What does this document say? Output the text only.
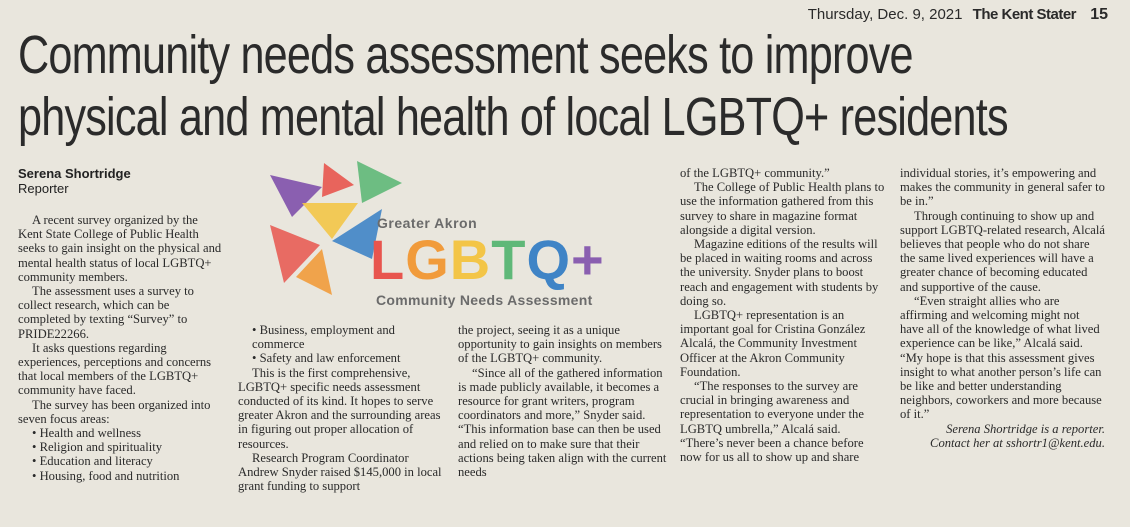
Thursday, Dec. 9, 2021 The Kent Stater 15
Community needs assessment seeks to improve
physical and mental health of local LGBTQ+ residents
Serena Shortridge
Reporter
Greater Akron
LGBTQ+
Community Needs Assessment

A recent survey organized by the Kent State College of Public Health seeks to gain insight on the physical and mental health status of local LGBTQ+ community members.

The assessment uses a survey to collect research, which can be completed by texting “Survey” to PRIDE22266.

It asks questions regarding experiences, perceptions and concerns that local members of the LGBTQ+ community have faced.

The survey has been organized into seven focus areas:

• Health and wellness
• Religion and spirituality
• Education and literacy
• Housing, food and nutrition
• Business, employment and commerce
• Safety and law enforcement

This is the first comprehensive, LGBTQ+ specific needs assessment conducted of its kind. It hopes to serve greater Akron and the surrounding areas in figuring out proper allocation of resources.

Research Program Coordinator Andrew Snyder raised $145,000 in local grant funding to support

the project, seeing it as a unique opportunity to gain insights on members of the LGBTQ+ community.

“Since all of the gathered information is made publicly available, it becomes a resource for grant writers, program coordinators and more,” Snyder said. “This information base can then be used and relied on to make sure that their actions being taken align with the current needs

of the LGBTQ+ community.”

The College of Public Health plans to use the information gathered from this survey to share in magazine format alongside a digital version.

Magazine editions of the results will be placed in waiting rooms and across the university. Snyder plans to boost reach and engagement with students by doing so.

LGBTQ+ representation is an important goal for Cristina González Alcalá, the Community Investment Officer at the Akron Community Foundation.

“The responses to the survey are crucial in bringing awareness and representation to everyone under the LGBTQ umbrella,” Alcalá said. “There’s never been a chance before now for us all to show up and share

individual stories, it’s empowering and makes the community in general safer to be in.”

Through continuing to show up and support LGBTQ-related research, Alcalá believes that people who do not share the same lived experiences will have a greater chance of becoming educated and supportive of the cause.

“Even straight allies who are affirming and welcoming might not have all of the knowledge of what lived experience can be like,” Alcalá said. “My hope is that this assessment gives insight to what another person’s life can be like and better understanding neighbors, coworkers and more because of it.”

Serena Shortridge is a reporter.
Contact her at sshortr1@kent.edu.
